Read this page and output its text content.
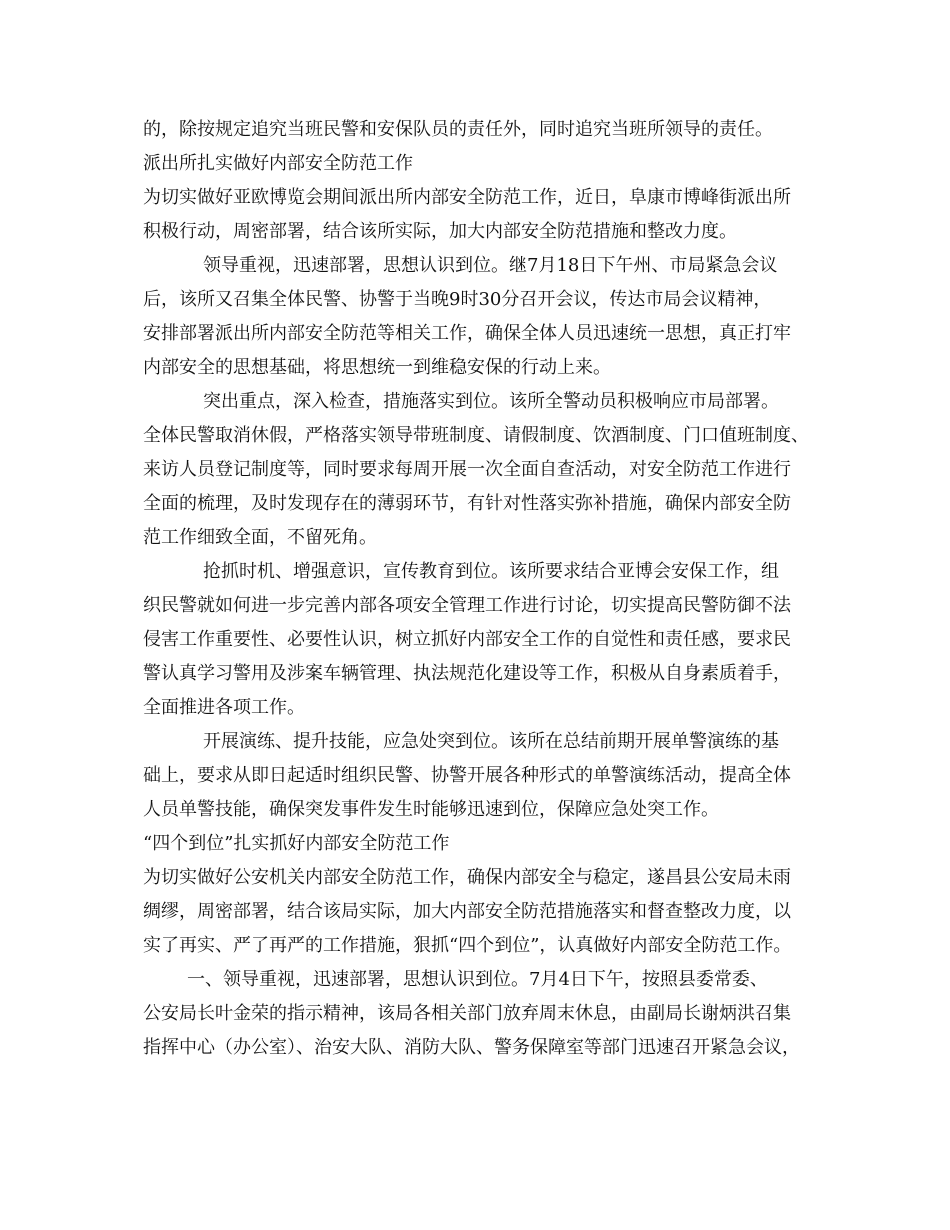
的，除按规定追究当班民警和安保队员的责任外，同时追究当班所领导的责任。
派出所扎实做好内部安全防范工作
为切实做好亚欧博览会期间派出所内部安全防范工作，近日，阜康市博峰街派出所
积极行动，周密部署，结合该所实际，加大内部安全防范措施和整改力度。
领导重视，迅速部署，思想认识到位。继7月18日下午州、市局紧急会议
后，该所又召集全体民警、协警于当晚9时30分召开会议，传达市局会议精神，
安排部署派出所内部安全防范等相关工作，确保全体人员迅速统一思想，真正打牢
内部安全的思想基础，将思想统一到维稳安保的行动上来。
突出重点，深入检查，措施落实到位。该所全警动员积极响应市局部署。
全体民警取消休假，严格落实领导带班制度、请假制度、饮酒制度、门口值班制度、
来访人员登记制度等，同时要求每周开展一次全面自查活动，对安全防范工作进行
全面的梳理，及时发现存在的薄弱环节，有针对性落实弥补措施，确保内部安全防
范工作细致全面，不留死角。
抢抓时机、增强意识，宣传教育到位。该所要求结合亚博会安保工作，组
织民警就如何进一步完善内部各项安全管理工作进行讨论，切实提高民警防御不法
侵害工作重要性、必要性认识，树立抓好内部安全工作的自觉性和责任感，要求民
警认真学习警用及涉案车辆管理、执法规范化建设等工作，积极从自身素质着手，
全面推进各项工作。
开展演练、提升技能，应急处突到位。该所在总结前期开展单警演练的基
础上，要求从即日起适时组织民警、协警开展各种形式的单警演练活动，提高全体
人员单警技能，确保突发事件发生时能够迅速到位，保障应急处突工作。
“四个到位”扎实抓好内部安全防范工作
为切实做好公安机关内部安全防范工作，确保内部安全与稳定，遂昌县公安局未雨
绸缪，周密部署，结合该局实际，加大内部安全防范措施落实和督查整改力度，以
实了再实、严了再严的工作措施，狠抓“四个到位”，认真做好内部安全防范工作。
一、领导重视，迅速部署，思想认识到位。7月4日下午，按照县委常委、
公安局长叶金荣的指示精神，该局各相关部门放弃周末休息，由副局长谢炳洪召集
指挥中心（办公室）、治安大队、消防大队、警务保障室等部门迅速召开紧急会议，
